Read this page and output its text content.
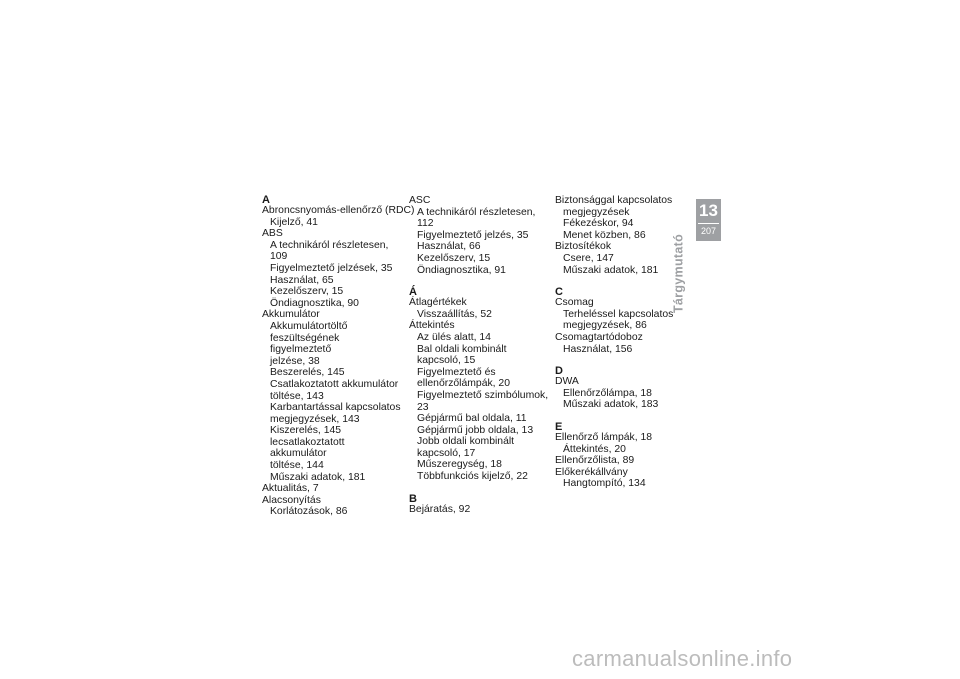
A
Abroncsnyomás-ellenőrző (RDC)
Kijelző, 41
ABS
A technikáról részletesen, 109
Figyelmeztető jelzések, 35
Használat, 65
Kezelőszerv, 15
Öndiagnosztika, 90
Akkumulátor
Akkumulátortöltő
feszültségének figyelmeztető
jelzése, 38
Beszerelés, 145
Csatlakoztatott akkumulátor
töltése, 143
Karbantartással kapcsolatos
megjegyzések, 143
Kiszerelés, 145
lecsatlakoztatott akkumulátor
töltése, 144
Műszaki adatok, 181
Aktualitás, 7
Alacsonyítás
Korlátozások, 86
ASC
A technikáról részletesen, 112
Figyelmeztető jelzés, 35
Használat, 66
Kezelőszerv, 15
Öndiagnosztika, 91
Á
Átlagértékek
Visszaállítás, 52
Áttekintés
Az ülés alatt, 14
Bal oldali kombinált
kapcsoló, 15
Figyelmeztető és
ellenőrzőlámpák, 20
Figyelmeztető szimbólumok, 23
Gépjármű bal oldala, 11
Gépjármű jobb oldala, 13
Jobb oldali kombinált
kapcsoló, 17
Műszeregység, 18
Többfunkciós kijelző, 22
B
Bejáratás, 92
Biztonsággal kapcsolatos
megjegyzések
Fékezéskor, 94
Menet közben, 86
Biztosítékok
Csere, 147
Műszaki adatok, 181
C
Csomag
Terheléssel kapcsolatos
megjegyzések, 86
Csomagtartódoboz
Használat, 156
D
DWA
Ellenőrzőlámpa, 18
Műszaki adatok, 183
E
Ellenőrző lámpák, 18
Áttekintés, 20
Ellenőrzőlista, 89
Előkerékállvány
Hangtompító, 134
13
207
Tárgymutató
carmanualsonline.info
